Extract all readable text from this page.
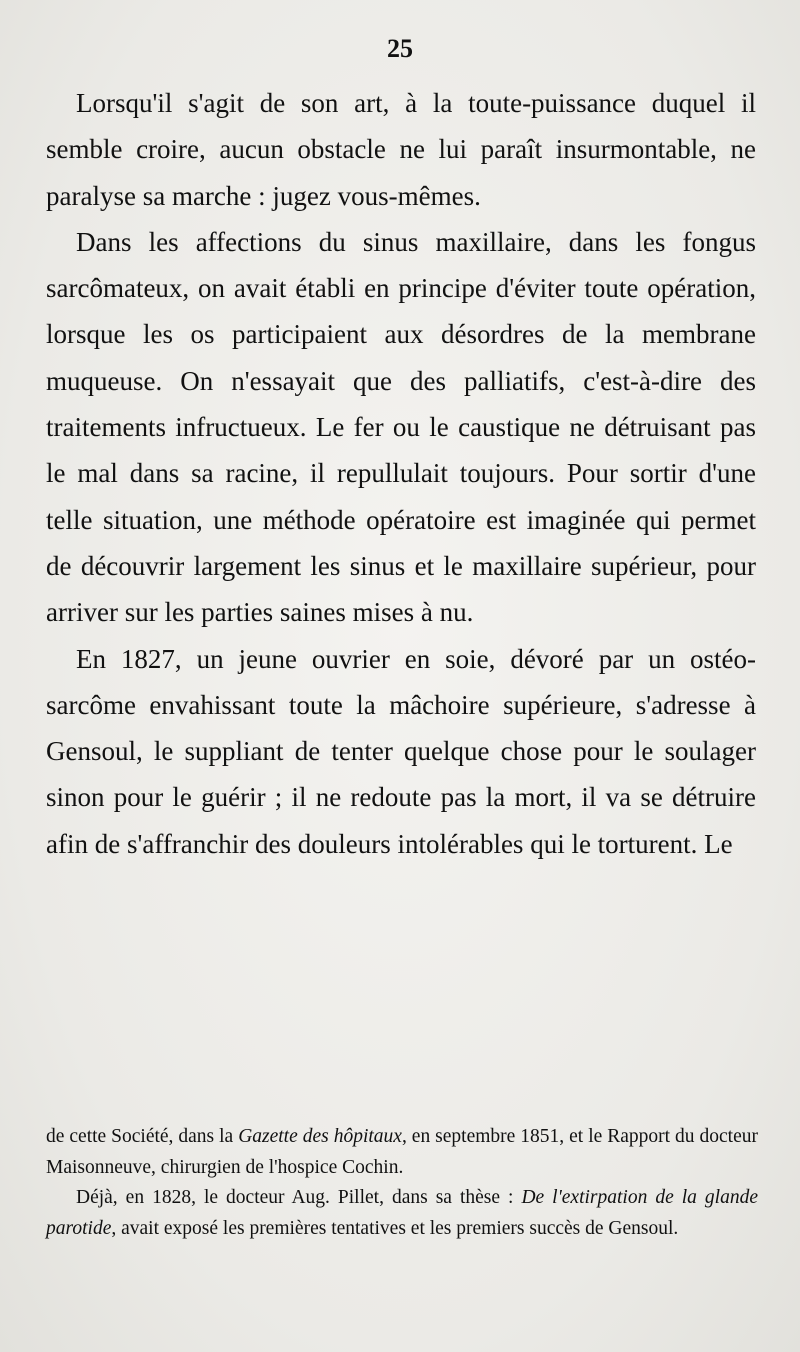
25

Lorsqu'il s'agit de son art, à la toute-puissance duquel il semble croire, aucun obstacle ne lui paraît insurmontable, ne paralyse sa marche : jugez vous-mêmes.

Dans les affections du sinus maxillaire, dans les fongus sarcômateux, on avait établi en principe d'éviter toute opération, lorsque les os participaient aux désordres de la membrane muqueuse. On n'essayait que des palliatifs, c'est-à-dire des traitements infructueux. Le fer ou le caustique ne détruisant pas le mal dans sa racine, il repullulait toujours. Pour sortir d'une telle situation, une méthode opératoire est imaginée qui permet de découvrir largement les sinus et le maxillaire supérieur, pour arriver sur les parties saines mises à nu.

En 1827, un jeune ouvrier en soie, dévoré par un ostéo-sarcôme envahissant toute la mâchoire supérieure, s'adresse à Gensoul, le suppliant de tenter quelque chose pour le soulager sinon pour le guérir ; il ne redoute pas la mort, il va se détruire afin de s'affranchir des douleurs intolérables qui le torturent. Le

de cette Société, dans la Gazette des hôpitaux, en septembre 1851, et le Rapport du docteur Maisonneuve, chirurgien de l'hospice Cochin.

Déjà, en 1828, le docteur Aug. Pillet, dans sa thèse : De l'extirpation de la glande parotide, avait exposé les premières tentatives et les premiers succès de Gensoul.
